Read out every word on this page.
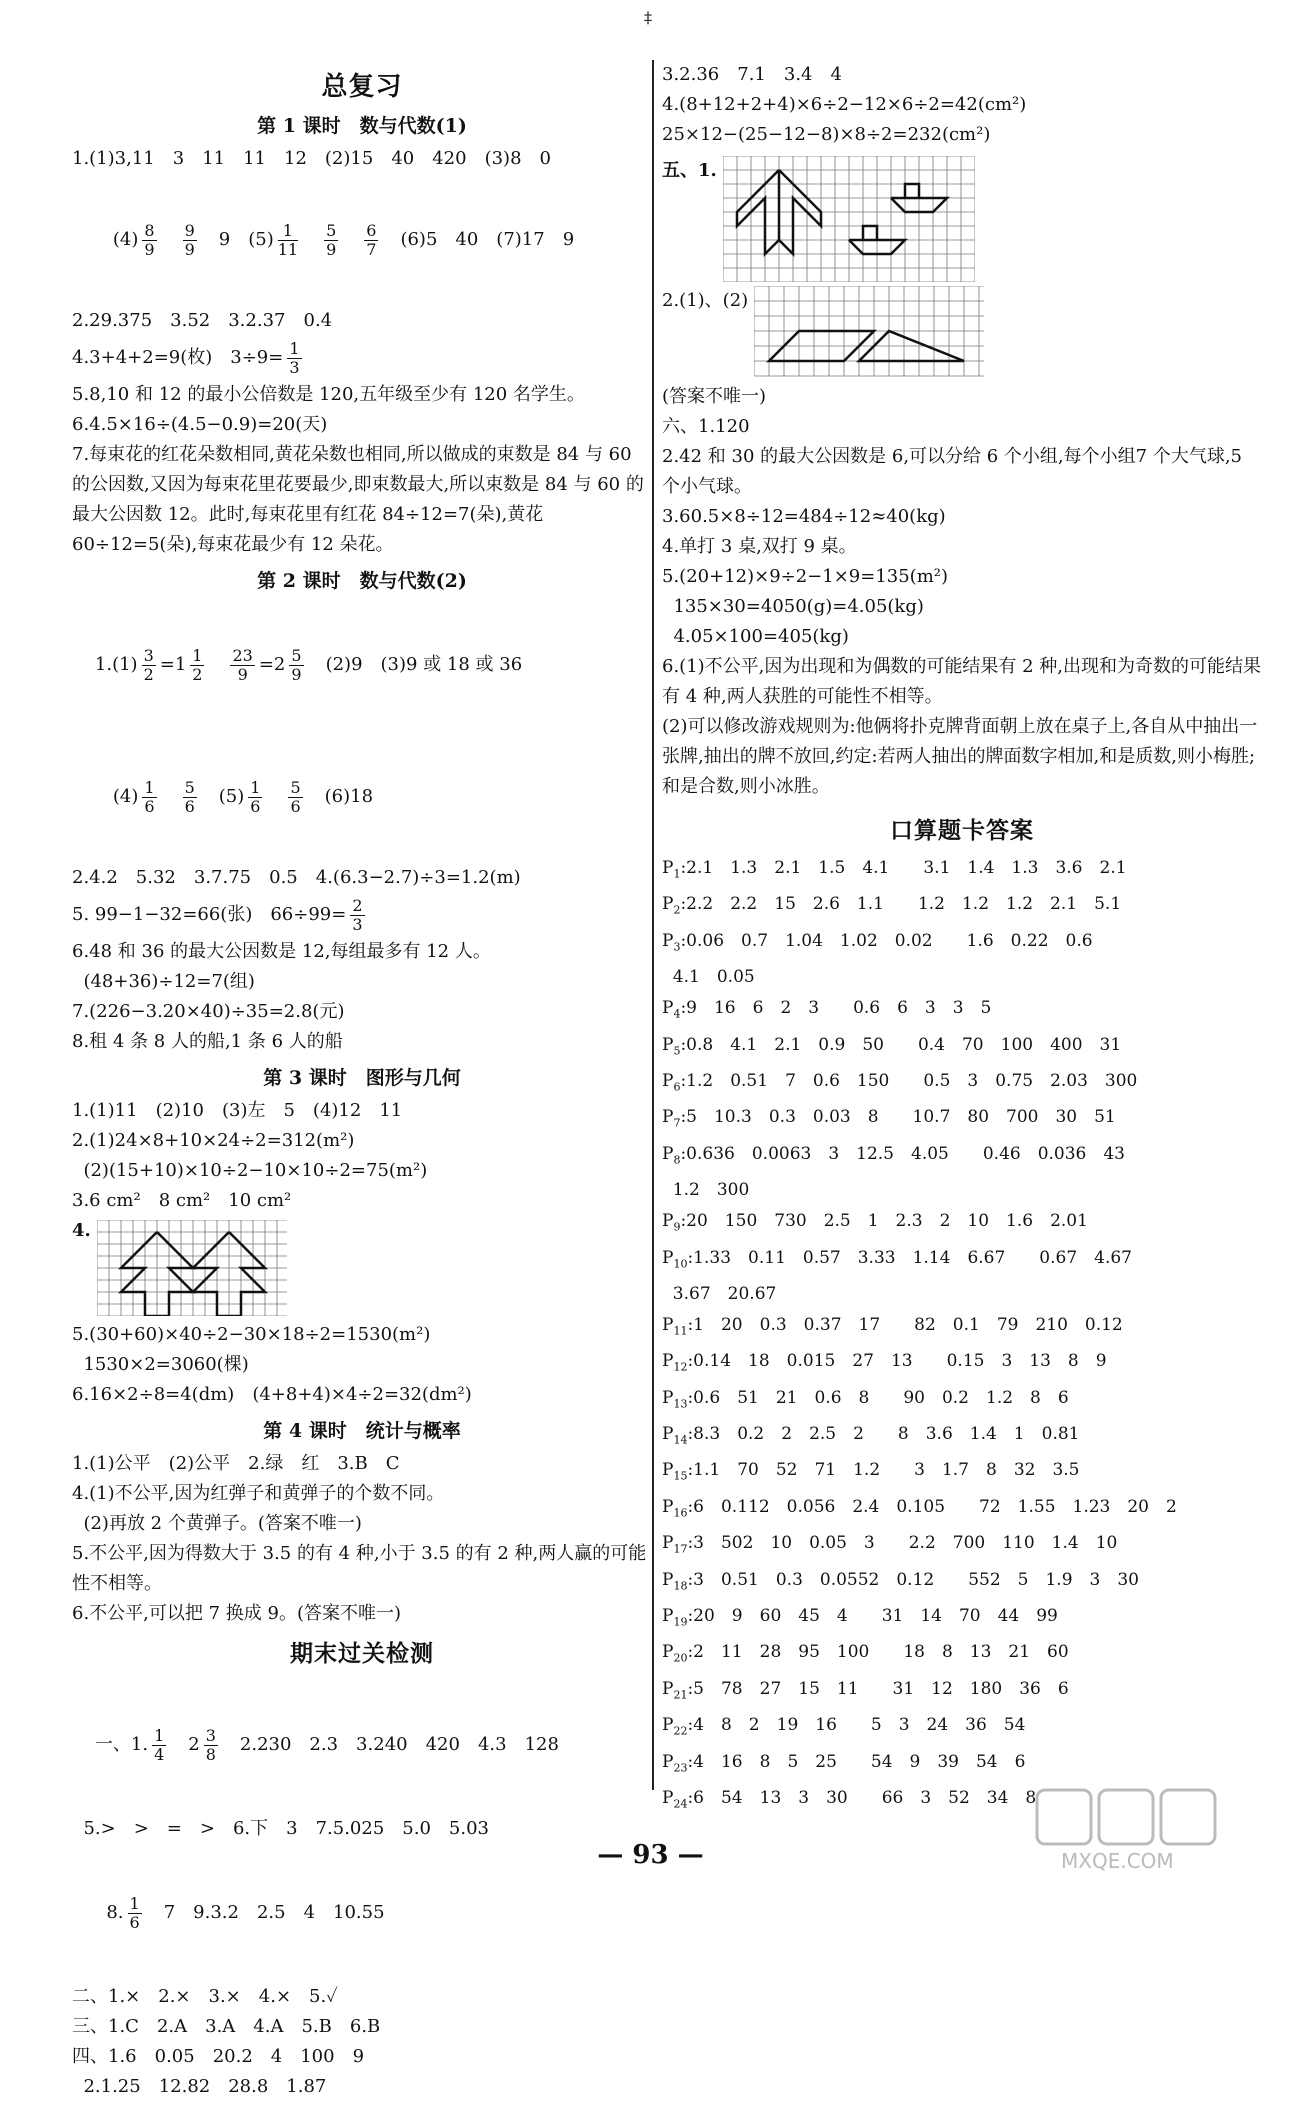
‡
总复习
第 1 课时　数与代数(1)
1.(1)3,11　3　11　11　12　(2)15　40　420　(3)8　0

$(4) \frac{8}{9}$
　 $\frac{9}{9}$
　 9　 $(5) \frac{1}{11}$
　 $\frac{5}{9}$
　 $\frac{6}{7}$
　 (6)5　40　(7)17　9

2.29.375　3.52　3.2.37　0.4
4.3+4+2=9(枚)　$3\div 9= \frac{1}{3}$
5.8,10 和 12 的最小公倍数是 120,五年级至少有 120 名学生。
6.4.5×16÷(4.5−0.9)=20(天)
7.每束花的红花朵数相同,黄花朵数也相同,所以做成的束数是 84 与 60 的公因数,又因为每束花里花要最少,即束数最大,所以束数是 84 与 60 的最大公因数 12。此时,每束花里有红花 84÷12=7(朵),黄花 60÷12=5(朵),每束花最少有 12 朵花。
第 2 课时　数与代数(2)

$1.(1) \frac{3}{2} =1 \frac{1}{2}$
　 $\frac{23}{9} =2 \frac{5}{9}$
　 (2)9　(3)9 或 18 或 36

$(4) \frac{1}{6}$
　 $\frac{5}{6}$
　 $(5) \frac{1}{6}$
　 $\frac{5}{6}$
　 (6)18

2.4.2　5.32　3.7.75　0.5　4.(6.3−2.7)÷3=1.2(m)
5. 99−1−32=66(张)　$66\div 99= \frac{2}{3}$
6.48 和 36 的最大公因数是 12,每组最多有 12 人。
(48+36)÷12=7(组)
7.(226−3.20×40)÷35=2.8(元)
8.租 4 条 8 人的船,1 条 6 人的船
第 3 课时　图形与几何
1.(1)11　(2)10　(3)左　5　(4)12　11
2.(1)24×8+10×24÷2=312(m²)
(2)(15+10)×10÷2−10×10÷2=75(m²)
3.6 cm²　8 cm²　10 cm²
4.
5.(30+60)×40÷2−30×18÷2=1530(m²)
1530×2=3060(棵)
6.16×2÷8=4(dm)　(4+8+4)×4÷2=32(dm²)
第 4 课时　统计与概率
1.(1)公平　(2)公平　2.绿　红　3.B　C
4.(1)不公平,因为红弹子和黄弹子的个数不同。
(2)再放 2 个黄弹子。(答案不唯一)
5.不公平,因为得数大于 3.5 的有 4 种,小于 3.5 的有 2 种,两人赢的可能性不相等。
6.不公平,可以把 7 换成 9。(答案不唯一)
期末过关检测

一、1. $\frac{1}{4}$
　 $2 \frac{3}{8}$
　 2.230　2.3　3.240　420　4.3　128

5.>　>　=　>　6.下　3　7.5.025　5.0　5.03

8. $\frac{1}{6}$
　 7　9.3.2　2.5　4　10.55

二、1.×　2.×　3.×　4.×　5.✓
三、1.C　2.A　3.A　4.A　5.B　6.B
四、1.6　0.05　20.2　4　100　9
2.1.25　12.82　28.8　1.87
3.2.36　7.1　3.4　4
4.(8+12+2+4)×6÷2−12×6÷2=42(cm²)
25×12−(25−12−8)×8÷2=232(cm²)
五、1.
2.(1)、(2)
(答案不唯一)
六、1.120
2.42 和 30 的最大公因数是 6,可以分给 6 个小组,每个小组7 个大气球,5 个小气球。
3.60.5×8÷12=484÷12≈40(kg)
4.单打 3 桌,双打 9 桌。
5.(20+12)×9÷2−1×9=135(m²)
135×30=4050(g)=4.05(kg)
4.05×100=405(kg)
6.(1)不公平,因为出现和为偶数的可能结果有 2 种,出现和为奇数的可能结果有 4 种,两人获胜的可能性不相等。
(2)可以修改游戏规则为:他俩将扑克牌背面朝上放在桌子上,各自从中抽出一张牌,抽出的牌不放回,约定:若两人抽出的牌面数字相加,和是质数,则小梅胜;和是合数,则小冰胜。
口算题卡答案
$P_1:2.1$　1.3　2.1　1.5　4.1　　3.1　1.4　1.3　3.6　2.1
$P_2:2.2$　2.2　15　2.6　1.1　　1.2　1.2　1.2　2.1　5.1
$P_3:0.06$　0.7　1.04　1.02　0.02　　1.6　0.22　0.6
4.1　0.05
$P_4:9$　16　6　2　3　　0.6　6　3　3　5
$P_5:0.8$　4.1　2.1　0.9　50　　0.4　70　100　400　31
$P_6:1.2$　0.51　7　0.6　150　　0.5　3　0.75　2.03　300
$P_7:5$　10.3　0.3　0.03　8　　10.7　80　700　30　51
$P_8:0.636$　0.0063　3　12.5　4.05　　0.46　0.036　43
1.2　300
$P_9:20$　150　730　2.5　1　2.3　2　10　1.6　2.01
$P_{10}:1.33$　0.11　0.57　3.33　1.14　6.67　　0.67　4.67
3.67　20.67
$P_{11}:1$　20　0.3　0.37　17　　82　0.1　79　210　0.12
$P_{12}:0.14$　18　0.015　27　13　　0.15　3　13　8　9
$P_{13}:0.6$　51　21　0.6　8　　90　0.2　1.2　8　6
$P_{14}:8.3$　0.2　2　2.5　2　　8　3.6　1.4　1　0.81
$P_{15}:1.1$　70　52　71　1.2　　3　1.7　8　32　3.5
$P_{16}:6$　0.112　0.056　2.4　0.105　　72　1.55　1.23　20　2
$P_{17}:3$　502　10　0.05　3　　2.2　700　110　1.4　10
$P_{18}:3$　0.51　0.3　0.0552　0.12　　552　5　1.9　3　30
$P_{19}:20$　9　60　45　4　　31　14　70　44　99
$P_{20}:2$　11　28　95　100　　18　8　13　21　60
$P_{21}:5$　78　27　15　11　　31　12　180　36　6
$P_{22}:4$　8　2　19　16　　5　3　24　36　54
$P_{23}:4$　16　8　5　25　　54　9　39　54　6
$P_{24}:6$　54　13　3　30　　66　3　52　34　8
— 93 —	MXQE.COM
